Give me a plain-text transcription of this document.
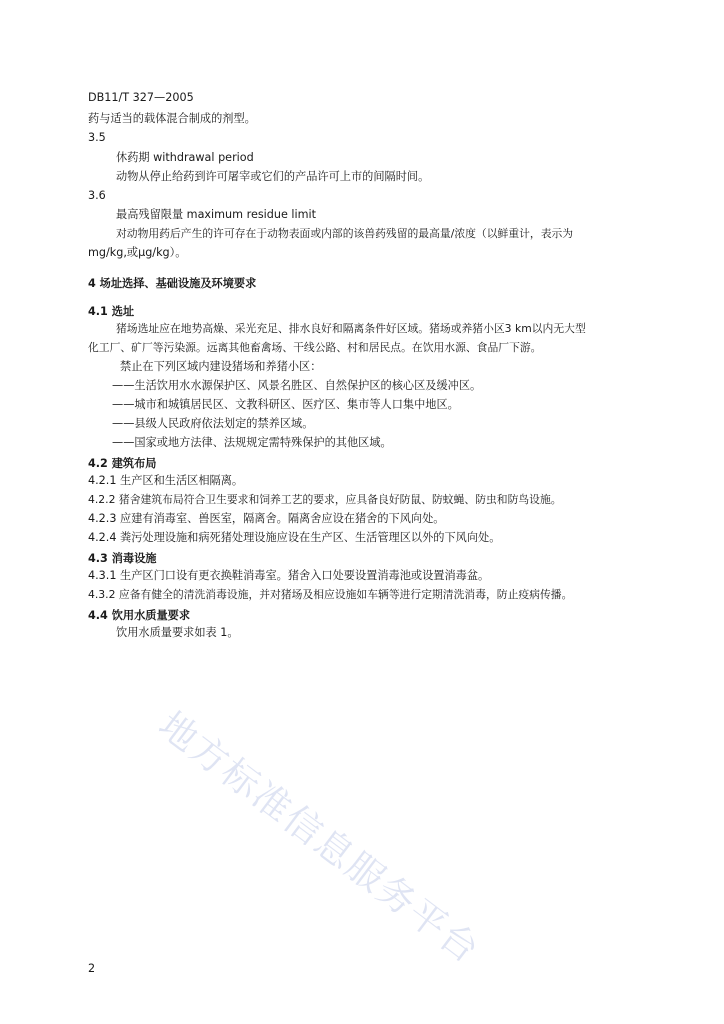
DB11/T 327—2005
药与适当的载体混合制成的剂型。
3.5
休药期 withdrawal period
动物从停止给药到许可屠宰或它们的产品许可上市的间隔时间。
3.6
最高残留限量 maximum residue limit
对动物用药后产生的许可存在于动物表面或内部的该兽药残留的最高量/浓度（以鲜重计，表示为
mg/kg,或μg/kg）。
4 场址选择、基础设施及环境要求
4.1 选址
猪场选址应在地势高燥、采光充足、排水良好和隔离条件好区域。猪场或养猪小区3 km以内无大型
化工厂、矿厂等污染源。远离其他畜禽场、干线公路、村和居民点。在饮用水源、食品厂下游。
禁止在下列区域内建设猪场和养猪小区：
——生活饮用水水源保护区、风景名胜区、自然保护区的核心区及缓冲区。
——城市和城镇居民区、文教科研区、医疗区、集市等人口集中地区。
——县级人民政府依法划定的禁养区域。
——国家或地方法律、法规规定需特殊保护的其他区域。
4.2 建筑布局
4.2.1 生产区和生活区相隔离。
4.2.2 猪舍建筑布局符合卫生要求和饲养工艺的要求，应具备良好防鼠、防蚊蝇、防虫和防鸟设施。
4.2.3 应建有消毒室、兽医室，隔离舍。隔离舍应设在猪舍的下风向处。
4.2.4 粪污处理设施和病死猪处理设施应设在生产区、生活管理区以外的下风向处。
4.3 消毒设施
4.3.1 生产区门口设有更衣换鞋消毒室。猪舍入口处要设置消毒池或设置消毒盆。
4.3.2 应备有健全的清洗消毒设施，并对猪场及相应设施如车辆等进行定期清洗消毒，防止疫病传播。
4.4 饮用水质量要求
饮用水质量要求如表 1。
地方标准信息服务平台
2
